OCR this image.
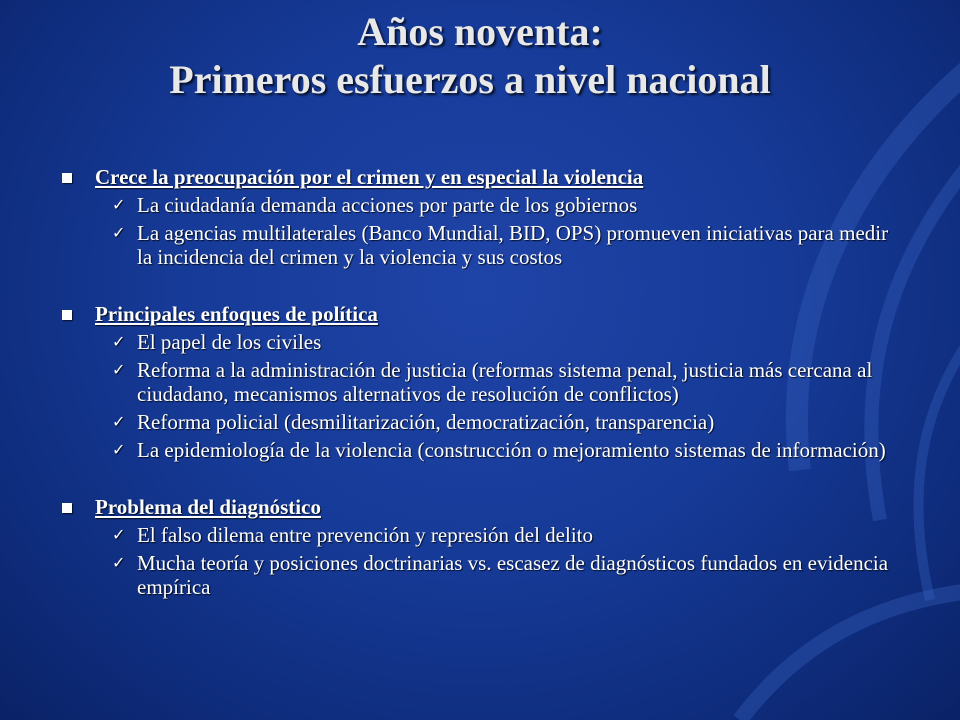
Años noventa:
Primeros esfuerzos a nivel nacional
Crece la preocupación por el crimen y en especial la violencia
✓ La ciudadanía demanda acciones por parte de los gobiernos
✓ La agencias multilaterales (Banco Mundial, BID, OPS) promueven iniciativas para medir la incidencia del crimen y la violencia y sus costos
Principales enfoques de política
✓ El papel de los civiles
✓ Reforma a la administración de justicia (reformas sistema penal, justicia más cercana al ciudadano, mecanismos alternativos de resolución de conflictos)
✓ Reforma policial (desmilitarización, democratización, transparencia)
✓ La epidemiología de la violencia (construcción o mejoramiento sistemas de información)
Problema del diagnóstico
✓ El falso dilema entre prevención y represión del delito
✓ Mucha teoría y posiciones doctrinarias vs. escasez de diagnósticos fundados en evidencia empírica
